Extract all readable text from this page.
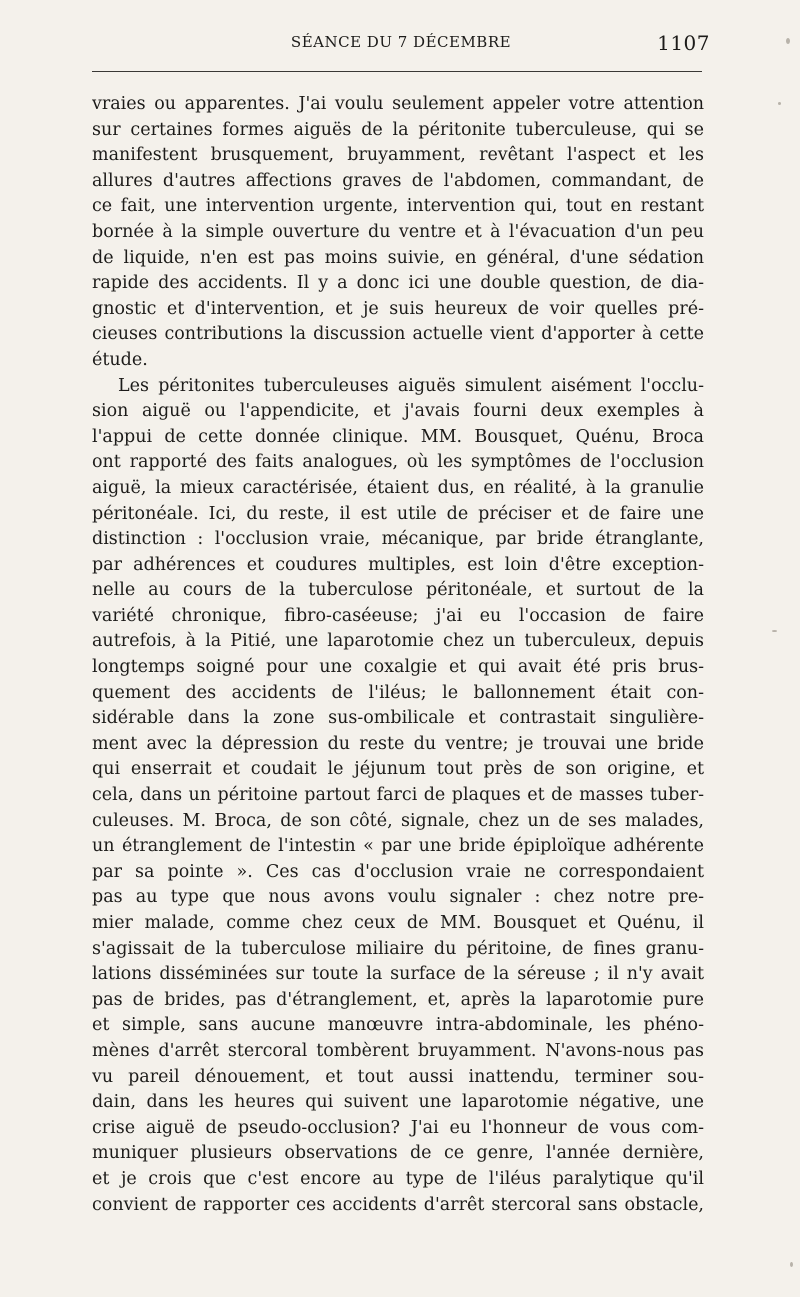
SÉANCE DU 7 DÉCEMBRE	1107
vraies ou apparentes. J'ai voulu seulement appeler votre attention
sur certaines formes aiguës de la péritonite tuberculeuse, qui se
manifestent brusquement, bruyamment, revêtant l'aspect et les
allures d'autres affections graves de l'abdomen, commandant, de
ce fait, une intervention urgente, intervention qui, tout en restant
bornée à la simple ouverture du ventre et à l'évacuation d'un peu
de liquide, n'en est pas moins suivie, en général, d'une sédation
rapide des accidents. Il y a donc ici une double question, de dia-
gnostic et d'intervention, et je suis heureux de voir quelles pré-
cieuses contributions la discussion actuelle vient d'apporter à cette
étude.
Les péritonites tuberculeuses aiguës simulent aisément l'occlu-
sion aiguë ou l'appendicite, et j'avais fourni deux exemples à
l'appui de cette donnée clinique. MM. Bousquet, Quénu, Broca
ont rapporté des faits analogues, où les symptômes de l'occlusion
aiguë, la mieux caractérisée, étaient dus, en réalité, à la granulie
péritonéale. Ici, du reste, il est utile de préciser et de faire une
distinction : l'occlusion vraie, mécanique, par bride étranglante,
par adhérences et coudures multiples, est loin d'être exception-
nelle au cours de la tuberculose péritonéale, et surtout de la
variété chronique, fibro-caséeuse; j'ai eu l'occasion de faire
autrefois, à la Pitié, une laparotomie chez un tuberculeux, depuis
longtemps soigné pour une coxalgie et qui avait été pris brus-
quement des accidents de l'iléus; le ballonnement était con-
sidérable dans la zone sus-ombilicale et contrastait singulière-
ment avec la dépression du reste du ventre; je trouvai une bride
qui enserrait et coudait le jéjunum tout près de son origine, et
cela, dans un péritoine partout farci de plaques et de masses tuber-
culeuses. M. Broca, de son côté, signale, chez un de ses malades,
un étranglement de l'intestin « par une bride épiploïque adhérente
par sa pointe ». Ces cas d'occlusion vraie ne correspondaient
pas au type que nous avons voulu signaler : chez notre pre-
mier malade, comme chez ceux de MM. Bousquet et Quénu, il
s'agissait de la tuberculose miliaire du péritoine, de fines granu-
lations disséminées sur toute la surface de la séreuse ; il n'y avait
pas de brides, pas d'étranglement, et, après la laparotomie pure
et simple, sans aucune manœuvre intra-abdominale, les phéno-
mènes d'arrêt stercoral tombèrent bruyamment. N'avons-nous pas
vu pareil dénouement, et tout aussi inattendu, terminer sou-
dain, dans les heures qui suivent une laparotomie négative, une
crise aiguë de pseudo-occlusion? J'ai eu l'honneur de vous com-
muniquer plusieurs observations de ce genre, l'année dernière,
et je crois que c'est encore au type de l'iléus paralytique qu'il
convient de rapporter ces accidents d'arrêt stercoral sans obstacle,
